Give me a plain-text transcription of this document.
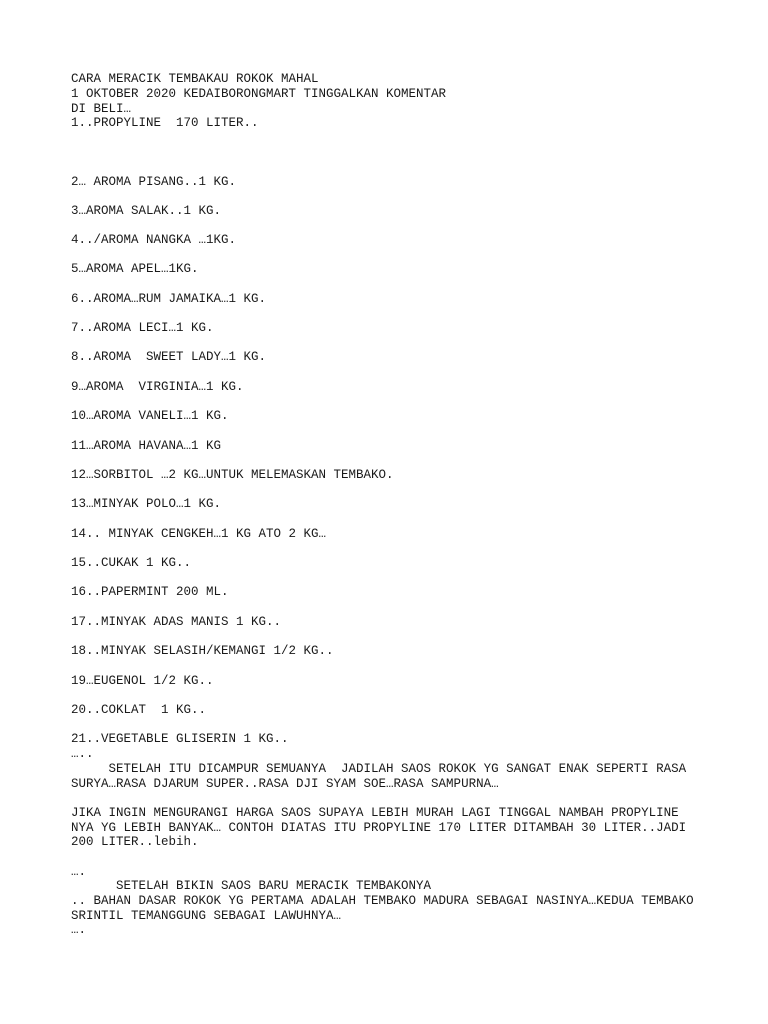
CARA MERACIK TEMBAKAU ROKOK MAHAL
1 OKTOBER 2020 KEDAIBORONGMART TINGGALKAN KOMENTAR
DI BELI…
1..PROPYLINE  170 LITER..
2… AROMA PISANG..1 KG.
3…AROMA SALAK..1 KG.
4../AROMA NANGKA …1KG.
5…AROMA APEL…1KG.
6..AROMA…RUM JAMAIKA…1 KG.
7..AROMA LECI…1 KG.
8..AROMA  SWEET LADY…1 KG.
9…AROMA  VIRGINIA…1 KG.
10…AROMA VANELI…1 KG.
11…AROMA HAVANA…1 KG
12…SORBITOL …2 KG…UNTUK MELEMASKAN TEMBAKO.
13…MINYAK POLO…1 KG.
14.. MINYAK CENGKEH…1 KG ATO 2 KG…
15..CUKAK 1 KG..
16..PAPERMINT 200 ML.
17..MINYAK ADAS MANIS 1 KG..
18..MINYAK SELASIH/KEMANGI 1/2 KG..
19…EUGENOL 1/2 KG..
20..COKLAT  1 KG..
21..VEGETABLE GLISERIN 1 KG..
…..
SETELAH ITU DICAMPUR SEMUANYA  JADILAH SAOS ROKOK YG SANGAT ENAK SEPERTI RASA
SURYA…RASA DJARUM SUPER..RASA DJI SYAM SOE…RASA SAMPURNA…
JIKA INGIN MENGURANGI HARGA SAOS SUPAYA LEBIH MURAH LAGI TINGGAL NAMBAH PROPYLINE
NYA YG LEBIH BANYAK… CONTOH DIATAS ITU PROPYLINE 170 LITER DITAMBAH 30 LITER..JADI
200 LITER..lebih.
….
SETELAH BIKIN SAOS BARU MERACIK TEMBAKONYA
.. BAHAN DASAR ROKOK YG PERTAMA ADALAH TEMBAKO MADURA SEBAGAI NASINYA…KEDUA TEMBAKO
SRINTIL TEMANGGUNG SEBAGAI LAWUHNYA…
….
